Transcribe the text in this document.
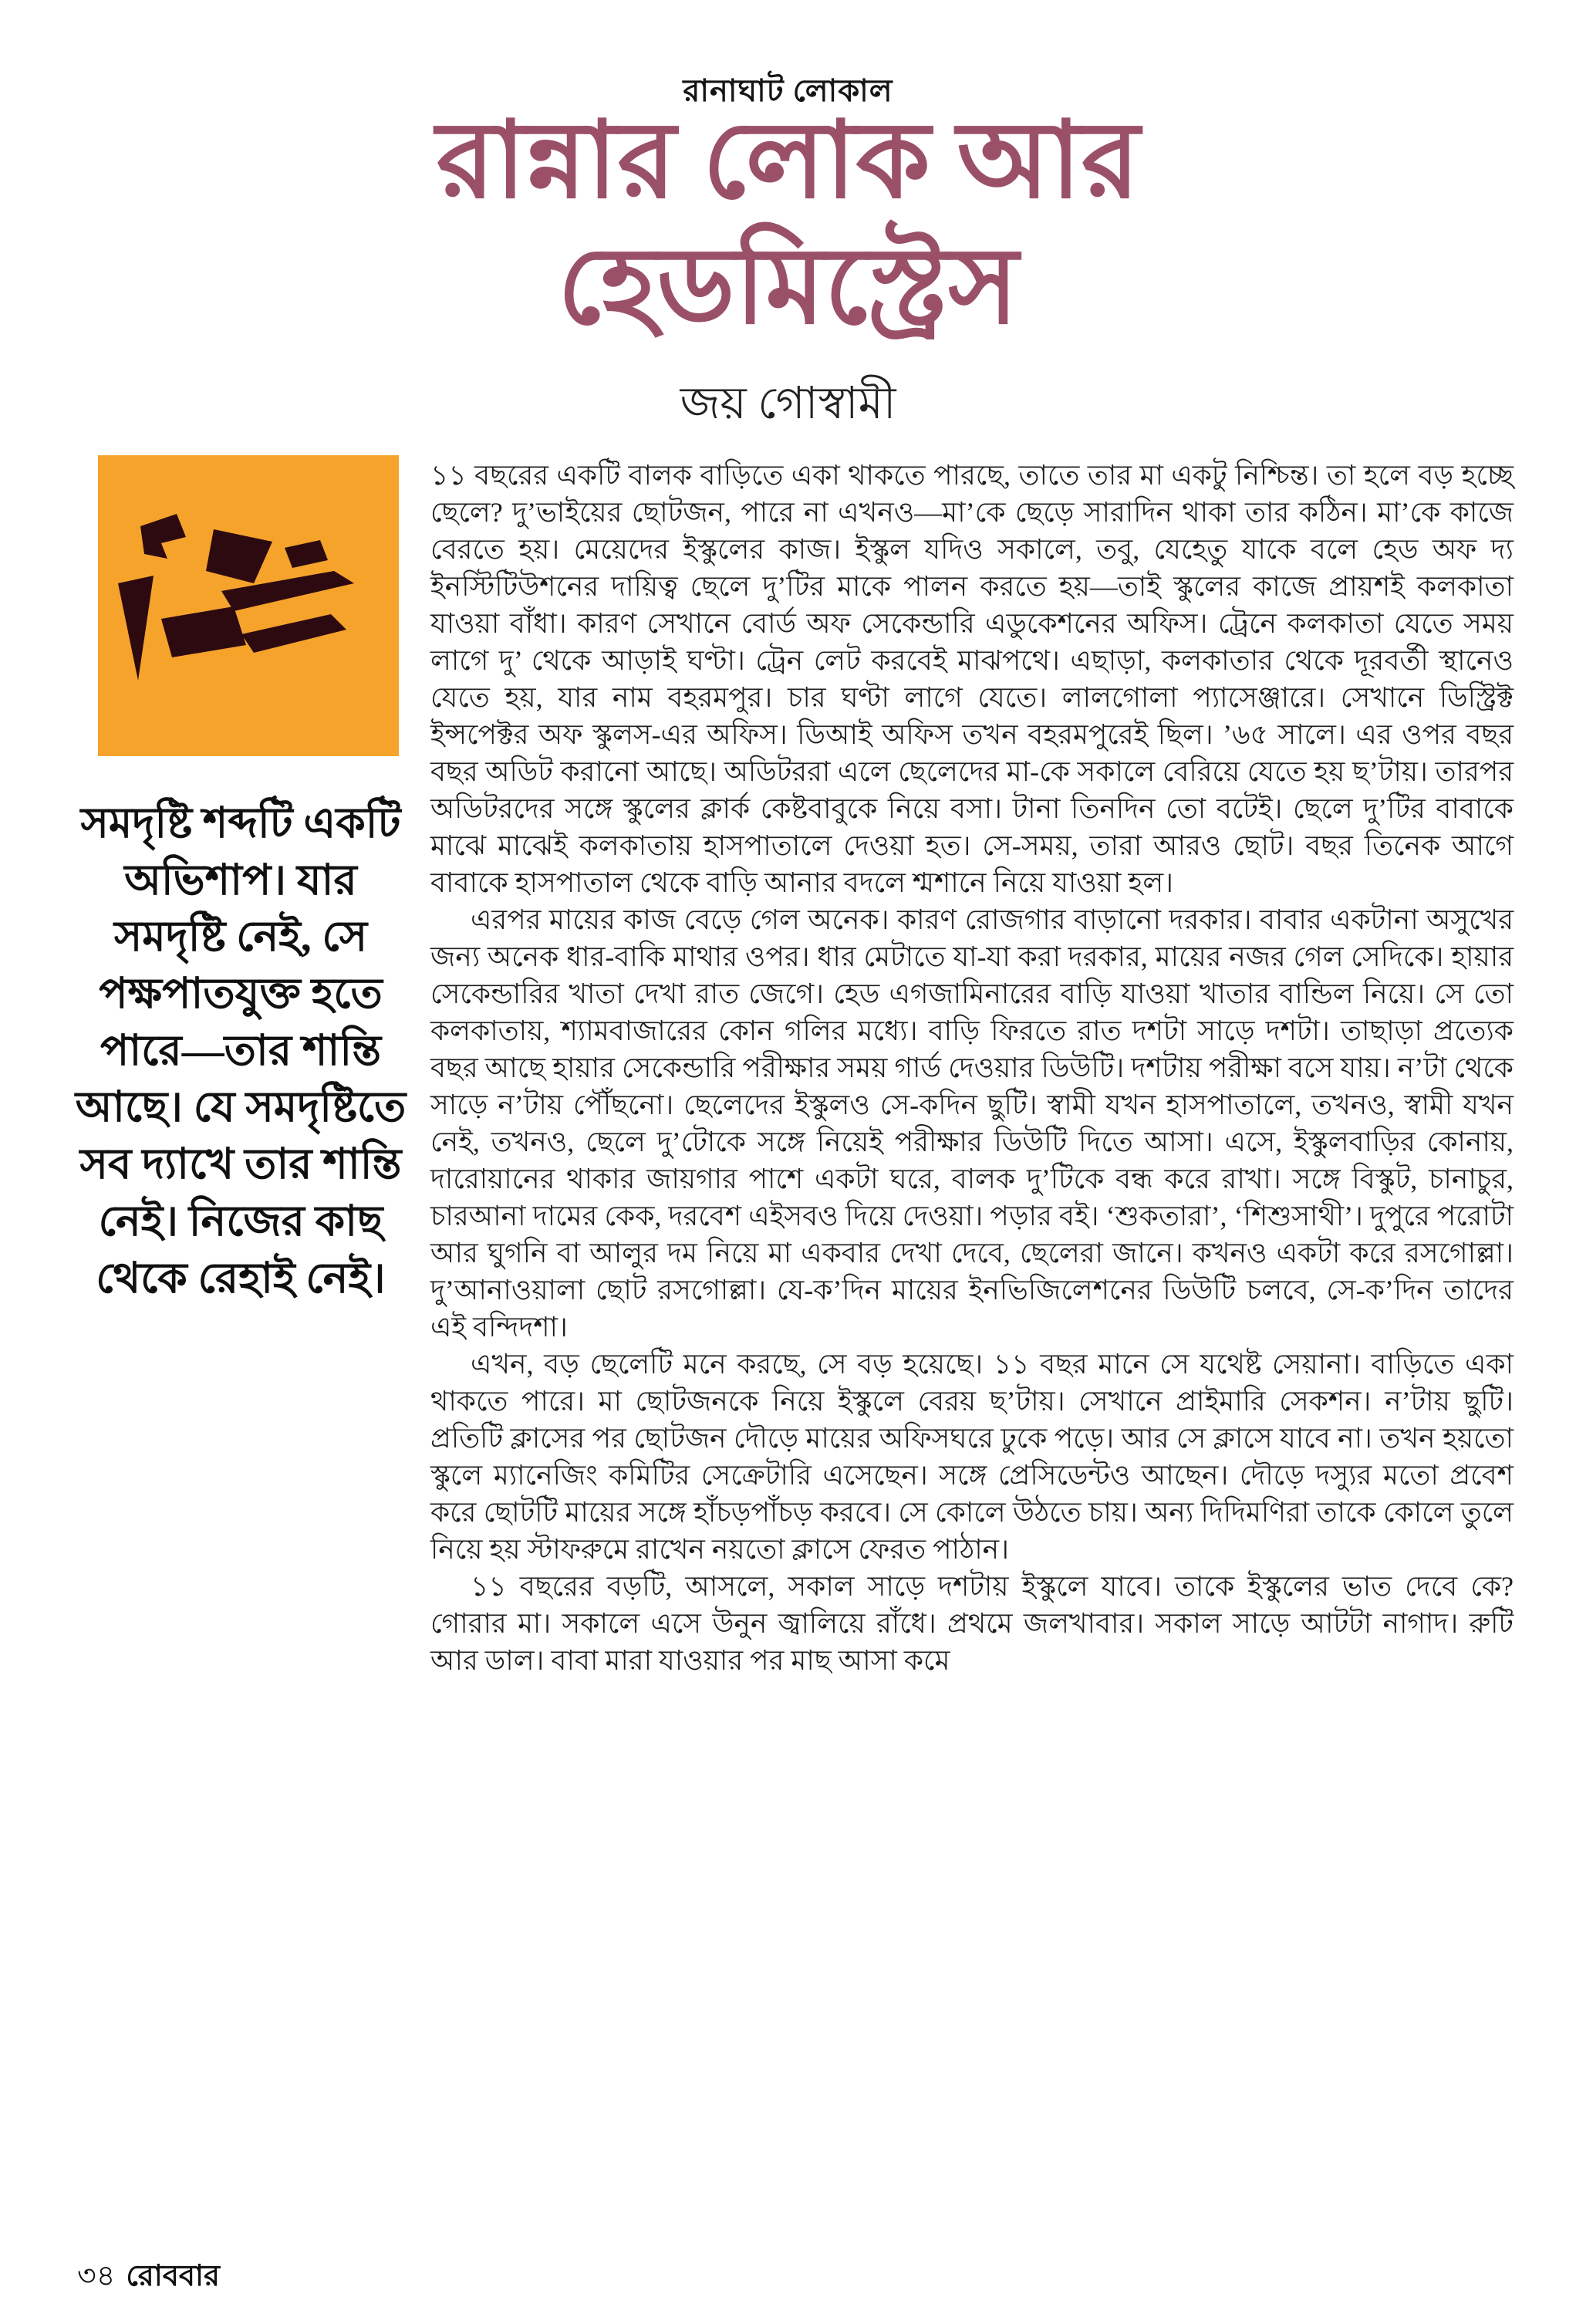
রানাঘাট লোকাল
রান্নার লোক আর
হেডমিস্ট্রেস
জয় গোস্বামী
সমদৃষ্টি শব্দটি একটি অভিশাপ। যার সমদৃষ্টি নেই, সে পক্ষপাতযুক্ত হতে পারে—তার শান্তি আছে। যে সমদৃষ্টিতে সব দ্যাখে তার শান্তি নেই। নিজের কাছ থেকে রেহাই নেই।

১১ বছরের একটি বালক বাড়িতে একা থাকতে পারছে, তাতে তার মা একটু নিশ্চিন্ত। তা হলে বড় হচ্ছে ছেলে? দু’ভাইয়ের ছোটজন, পারে না এখনও—মা’কে ছেড়ে সারাদিন থাকা তার কঠিন। মা’কে কাজে বেরতে হয়। মেয়েদের ইস্কুলের কাজ। ইস্কুল যদিও সকালে, তবু, যেহেতু যাকে বলে হেড অফ দ্য ইনস্টিটিউশনের দায়িত্ব ছেলে দু’টির মাকে পালন করতে হয়—তাই স্কুলের কাজে প্রায়শই কলকাতা যাওয়া বাঁধা। কারণ সেখানে বোর্ড অফ সেকেন্ডারি এডুকেশনের অফিস। ট্রেনে কলকাতা যেতে সময় লাগে দু’ থেকে আড়াই ঘণ্টা। ট্রেন লেট করবেই মাঝপথে। এছাড়া, কলকাতার থেকে দূরবর্তী স্থানেও যেতে হয়, যার নাম বহরমপুর। চার ঘণ্টা লাগে যেতে। লালগোলা প্যাসেঞ্জারে। সেখানে ডিস্ট্রিক্ট ইন্সপেক্টর অফ স্কুলস-এর অফিস। ডিআই অফিস তখন বহরমপুরেই ছিল। ’৬৫ সালে। এর ওপর বছর বছর অডিট করানো আছে। অডিটররা এলে ছেলেদের মা-কে সকালে বেরিয়ে যেতে হয় ছ’টায়। তারপর অডিটরদের সঙ্গে স্কুলের ক্লার্ক কেষ্টবাবুকে নিয়ে বসা। টানা তিনদিন তো বটেই। ছেলে দু’টির বাবাকে মাঝে মাঝেই কলকাতায় হাসপাতালে দেওয়া হত। সে-সময়, তারা আরও ছোট। বছর তিনেক আগে বাবাকে হাসপাতাল থেকে বাড়ি আনার বদলে শ্মশানে নিয়ে যাওয়া হল।

এরপর মায়ের কাজ বেড়ে গেল অনেক। কারণ রোজগার বাড়ানো দরকার। বাবার একটানা অসুখের জন্য অনেক ধার-বাকি মাথার ওপর। ধার মেটাতে যা-যা করা দরকার, মায়ের নজর গেল সেদিকে। হায়ার সেকেন্ডারির খাতা দেখা রাত জেগে। হেড এগজামিনারের বাড়ি যাওয়া খাতার বান্ডিল নিয়ে। সে তো কলকাতায়, শ্যামবাজারের কোন গলির মধ্যে। বাড়ি ফিরতে রাত দশটা সাড়ে দশটা। তাছাড়া প্রত্যেক বছর আছে হায়ার সেকেন্ডারি পরীক্ষার সময় গার্ড দেওয়ার ডিউটি। দশটায় পরীক্ষা বসে যায়। ন’টা থেকে সাড়ে ন’টায় পৌঁছনো। ছেলেদের ইস্কুলও সে-কদিন ছুটি। স্বামী যখন হাসপাতালে, তখনও, স্বামী যখন নেই, তখনও, ছেলে দু’টোকে সঙ্গে নিয়েই পরীক্ষার ডিউটি দিতে আসা। এসে, ইস্কুলবাড়ির কোনায়, দারোয়ানের থাকার জায়গার পাশে একটা ঘরে, বালক দু’টিকে বন্ধ করে রাখা। সঙ্গে বিস্কুট, চানাচুর, চারআনা দামের কেক, দরবেশ এইসবও দিয়ে দেওয়া। পড়ার বই। ‘শুকতারা’, ‘শিশুসাথী’। দুপুরে পরোটা আর ঘুগনি বা আলুর দম নিয়ে মা একবার দেখা দেবে, ছেলেরা জানে। কখনও একটা করে রসগোল্লা। দু’আনাওয়ালা ছোট রসগোল্লা। যে-ক’দিন মায়ের ইনভিজিলেশনের ডিউটি চলবে, সে-ক’দিন তাদের এই বন্দিদশা।

এখন, বড় ছেলেটি মনে করছে, সে বড় হয়েছে। ১১ বছর মানে সে যথেষ্ট সেয়ানা। বাড়িতে একা থাকতে পারে। মা ছোটজনকে নিয়ে ইস্কুলে বেরয় ছ’টায়। সেখানে প্রাইমারি সেকশন। ন’টায় ছুটি। প্রতিটি ক্লাসের পর ছোটজন দৌড়ে মায়ের অফিসঘরে ঢুকে পড়ে। আর সে ক্লাসে যাবে না। তখন হয়তো স্কুলে ম্যানেজিং কমিটির সেক্রেটারি এসেছেন। সঙ্গে প্রেসিডেন্টও আছেন। দৌড়ে দস্যুর মতো প্রবেশ করে ছোটটি মায়ের সঙ্গে হাঁচড়পাঁচড় করবে। সে কোলে উঠতে চায়। অন্য দিদিমণিরা তাকে কোলে তুলে নিয়ে হয় স্টাফরুমে রাখেন নয়তো ক্লাসে ফেরত পাঠান।

১১ বছরের বড়টি, আসলে, সকাল সাড়ে দশটায় ইস্কুলে যাবে। তাকে ইস্কুলের ভাত দেবে কে? গোরার মা। সকালে এসে উনুন জ্বালিয়ে রাঁধে। প্রথমে জলখাবার। সকাল সাড়ে আটটা নাগাদ। রুটি আর ডাল। বাবা মারা যাওয়ার পর মাছ আসা কমে

৩৪ রোববার
